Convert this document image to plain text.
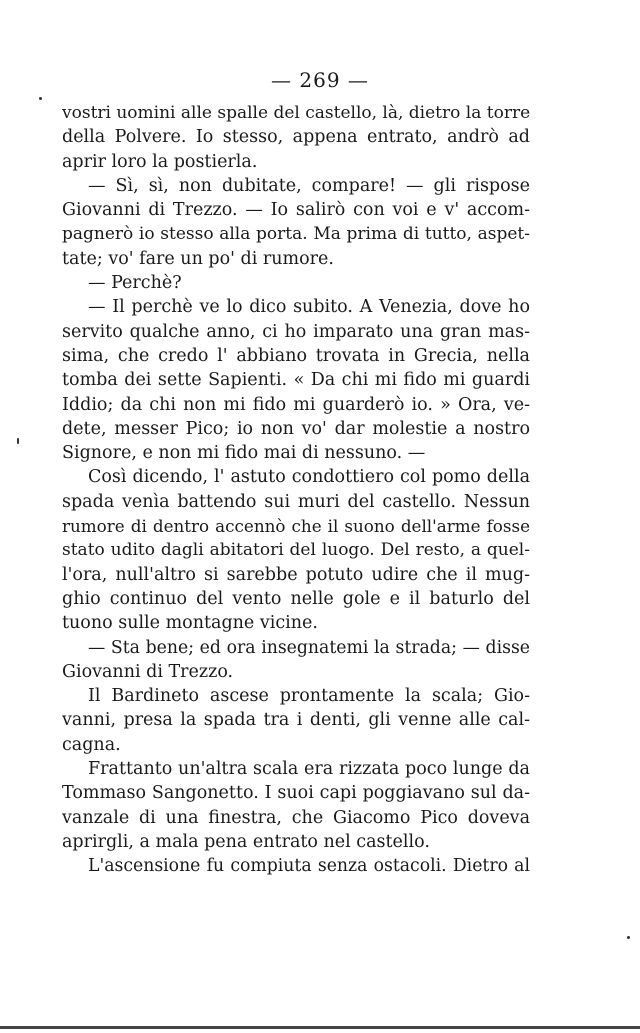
— 269 —
vostri uomini alle spalle del castello, là, dietro la torre
della Polvere. Io stesso, appena entrato, andrò ad
aprir loro la postierla.
— Sì, sì, non dubitate, compare! — gli rispose
Giovanni di Trezzo. — Io salirò con voi e v' accom-
pagnerò io stesso alla porta. Ma prima di tutto, aspet-
tate; vo' fare un po' di rumore.
— Perchè?
— Il perchè ve lo dico subito. A Venezia, dove ho
servito qualche anno, ci ho imparato una gran mas-
sima, che credo l' abbiano trovata in Grecia, nella
tomba dei sette Sapienti. « Da chi mi fido mi guardi
Iddio; da chi non mi fido mi guarderò io. » Ora, ve-
dete, messer Pico; io non vo' dar molestie a nostro
Signore, e non mi fido mai di nessuno. —
Così dicendo, l' astuto condottiero col pomo della
spada venìa battendo sui muri del castello. Nessun
rumore di dentro accennò che il suono dell'arme fosse
stato udito dagli abitatori del luogo. Del resto, a quel-
l'ora, null'altro si sarebbe potuto udire che il mug-
ghio continuo del vento nelle gole e il baturlo del
tuono sulle montagne vicine.
— Sta bene; ed ora insegnatemi la strada; — disse
Giovanni di Trezzo.
Il Bardineto ascese prontamente la scala; Gio-
vanni, presa la spada tra i denti, gli venne alle cal-
cagna.
Frattanto un'altra scala era rizzata poco lunge da
Tommaso Sangonetto. I suoi capi poggiavano sul da-
vanzale di una finestra, che Giacomo Pico doveva
aprirgli, a mala pena entrato nel castello.
L'ascensione fu compiuta senza ostacoli. Dietro al
